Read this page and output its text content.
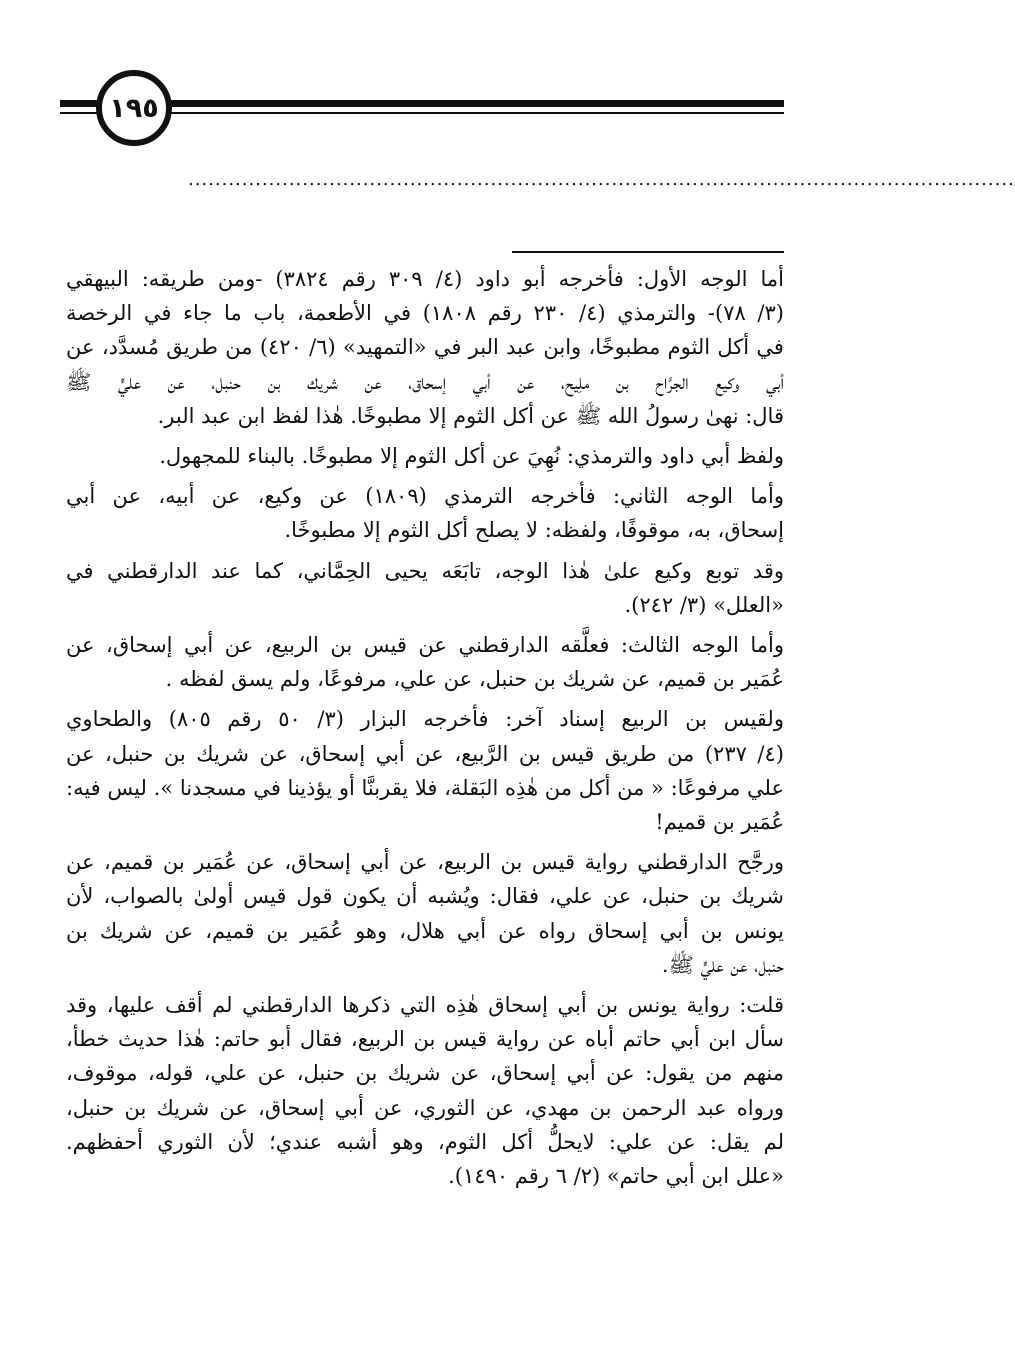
١٩٥
...........................................................................................................................
أما الوجه الأول: فأخرجه أبو داود (٤/ ٣٠٩ رقم ٣٨٢٤) -ومن طريقه: البيهقي
(٣/ ٧٨)- والترمذي (٤/ ٢٣٠ رقم ١٨٠٨) في الأطعمة، باب ما جاء في الرخصة
في أكل الثوم مطبوخًا، وابن عبد البر في «التمهيد» (٦/ ٤٢٠) من طريق مُسدَّد، عن
أبي وكيع الجرَّاح بن ملِيح، عن أبي إسحاق، عن شريك بن حنبل، عن عليٍّ ﷺ
قال: نهىٰ رسولُ الله ﷺ عن أكل الثوم إلا مطبوخًا. هٰذا لفظ ابن عبد البر.
ولفظ أبي داود والترمذي: نُهِيَ عن أكل الثوم إلا مطبوخًا. بالبناء للمجهول.
وأما الوجه الثاني: فأخرجه الترمذي (١٨٠٩) عن وكيع، عن أبيه، عن أبي
إسحاق، به، موقوفًا، ولفظه: لا يصلح أكل الثوم إلا مطبوخًا.
وقد توبع وكيع علىٰ هٰذا الوجه، تابَعَه يحيى الحِمَّاني، كما عند الدارقطني في
«العلل» (٣/ ٢٤٢).
وأما الوجه الثالث: فعلَّقه الدارقطني عن قيس بن الربيع، عن أبي إسحاق، عن
عُمَير بن قميم، عن شريك بن حنبل، عن علي، مرفوعًا، ولم يسق لفظه .
ولقيس بن الربيع إسناد آخر: فأخرجه البزار (٣/ ٥٠ رقم ٨٠٥) والطحاوي
(٤/ ٢٣٧) من طريق قيس بن الرَّبيع، عن أبي إسحاق، عن شريك بن حنبل، عن
علي مرفوعًا: « من أكل من هٰذِه البَقلة، فلا يقربنَّا أو يؤذينا في مسجدنا ». ليس فيه:
عُمَير بن قميم!
ورجَّح الدارقطني رواية قيس بن الربيع، عن أبي إسحاق، عن عُمَير بن قميم، عن
شريك بن حنبل، عن علي، فقال: ويُشبه أن يكون قول قيس أولىٰ بالصواب، لأن
يونس بن أبي إسحاق رواه عن أبي هلال، وهو عُمَير بن قميم، عن شريك بن
حنبل، عن عليٍّ ﷺ.
قلت: رواية يونس بن أبي إسحاق هٰذِه التي ذكرها الدارقطني لم أقف عليها، وقد
سأل ابن أبي حاتم أباه عن رواية قيس بن الربيع، فقال أبو حاتم: هٰذا حديث خطأ،
منهم من يقول: عن أبي إسحاق، عن شريك بن حنبل، عن علي، قوله، موقوف،
ورواه عبد الرحمن بن مهدي، عن الثوري، عن أبي إسحاق، عن شريك بن حنبل،
لم يقل: عن علي: لايحلُّ أكل الثوم، وهو أشبه عندي؛ لأن الثوري أحفظهم.
«علل ابن أبي حاتم» (٢/ ٦ رقم ١٤٩٠).
